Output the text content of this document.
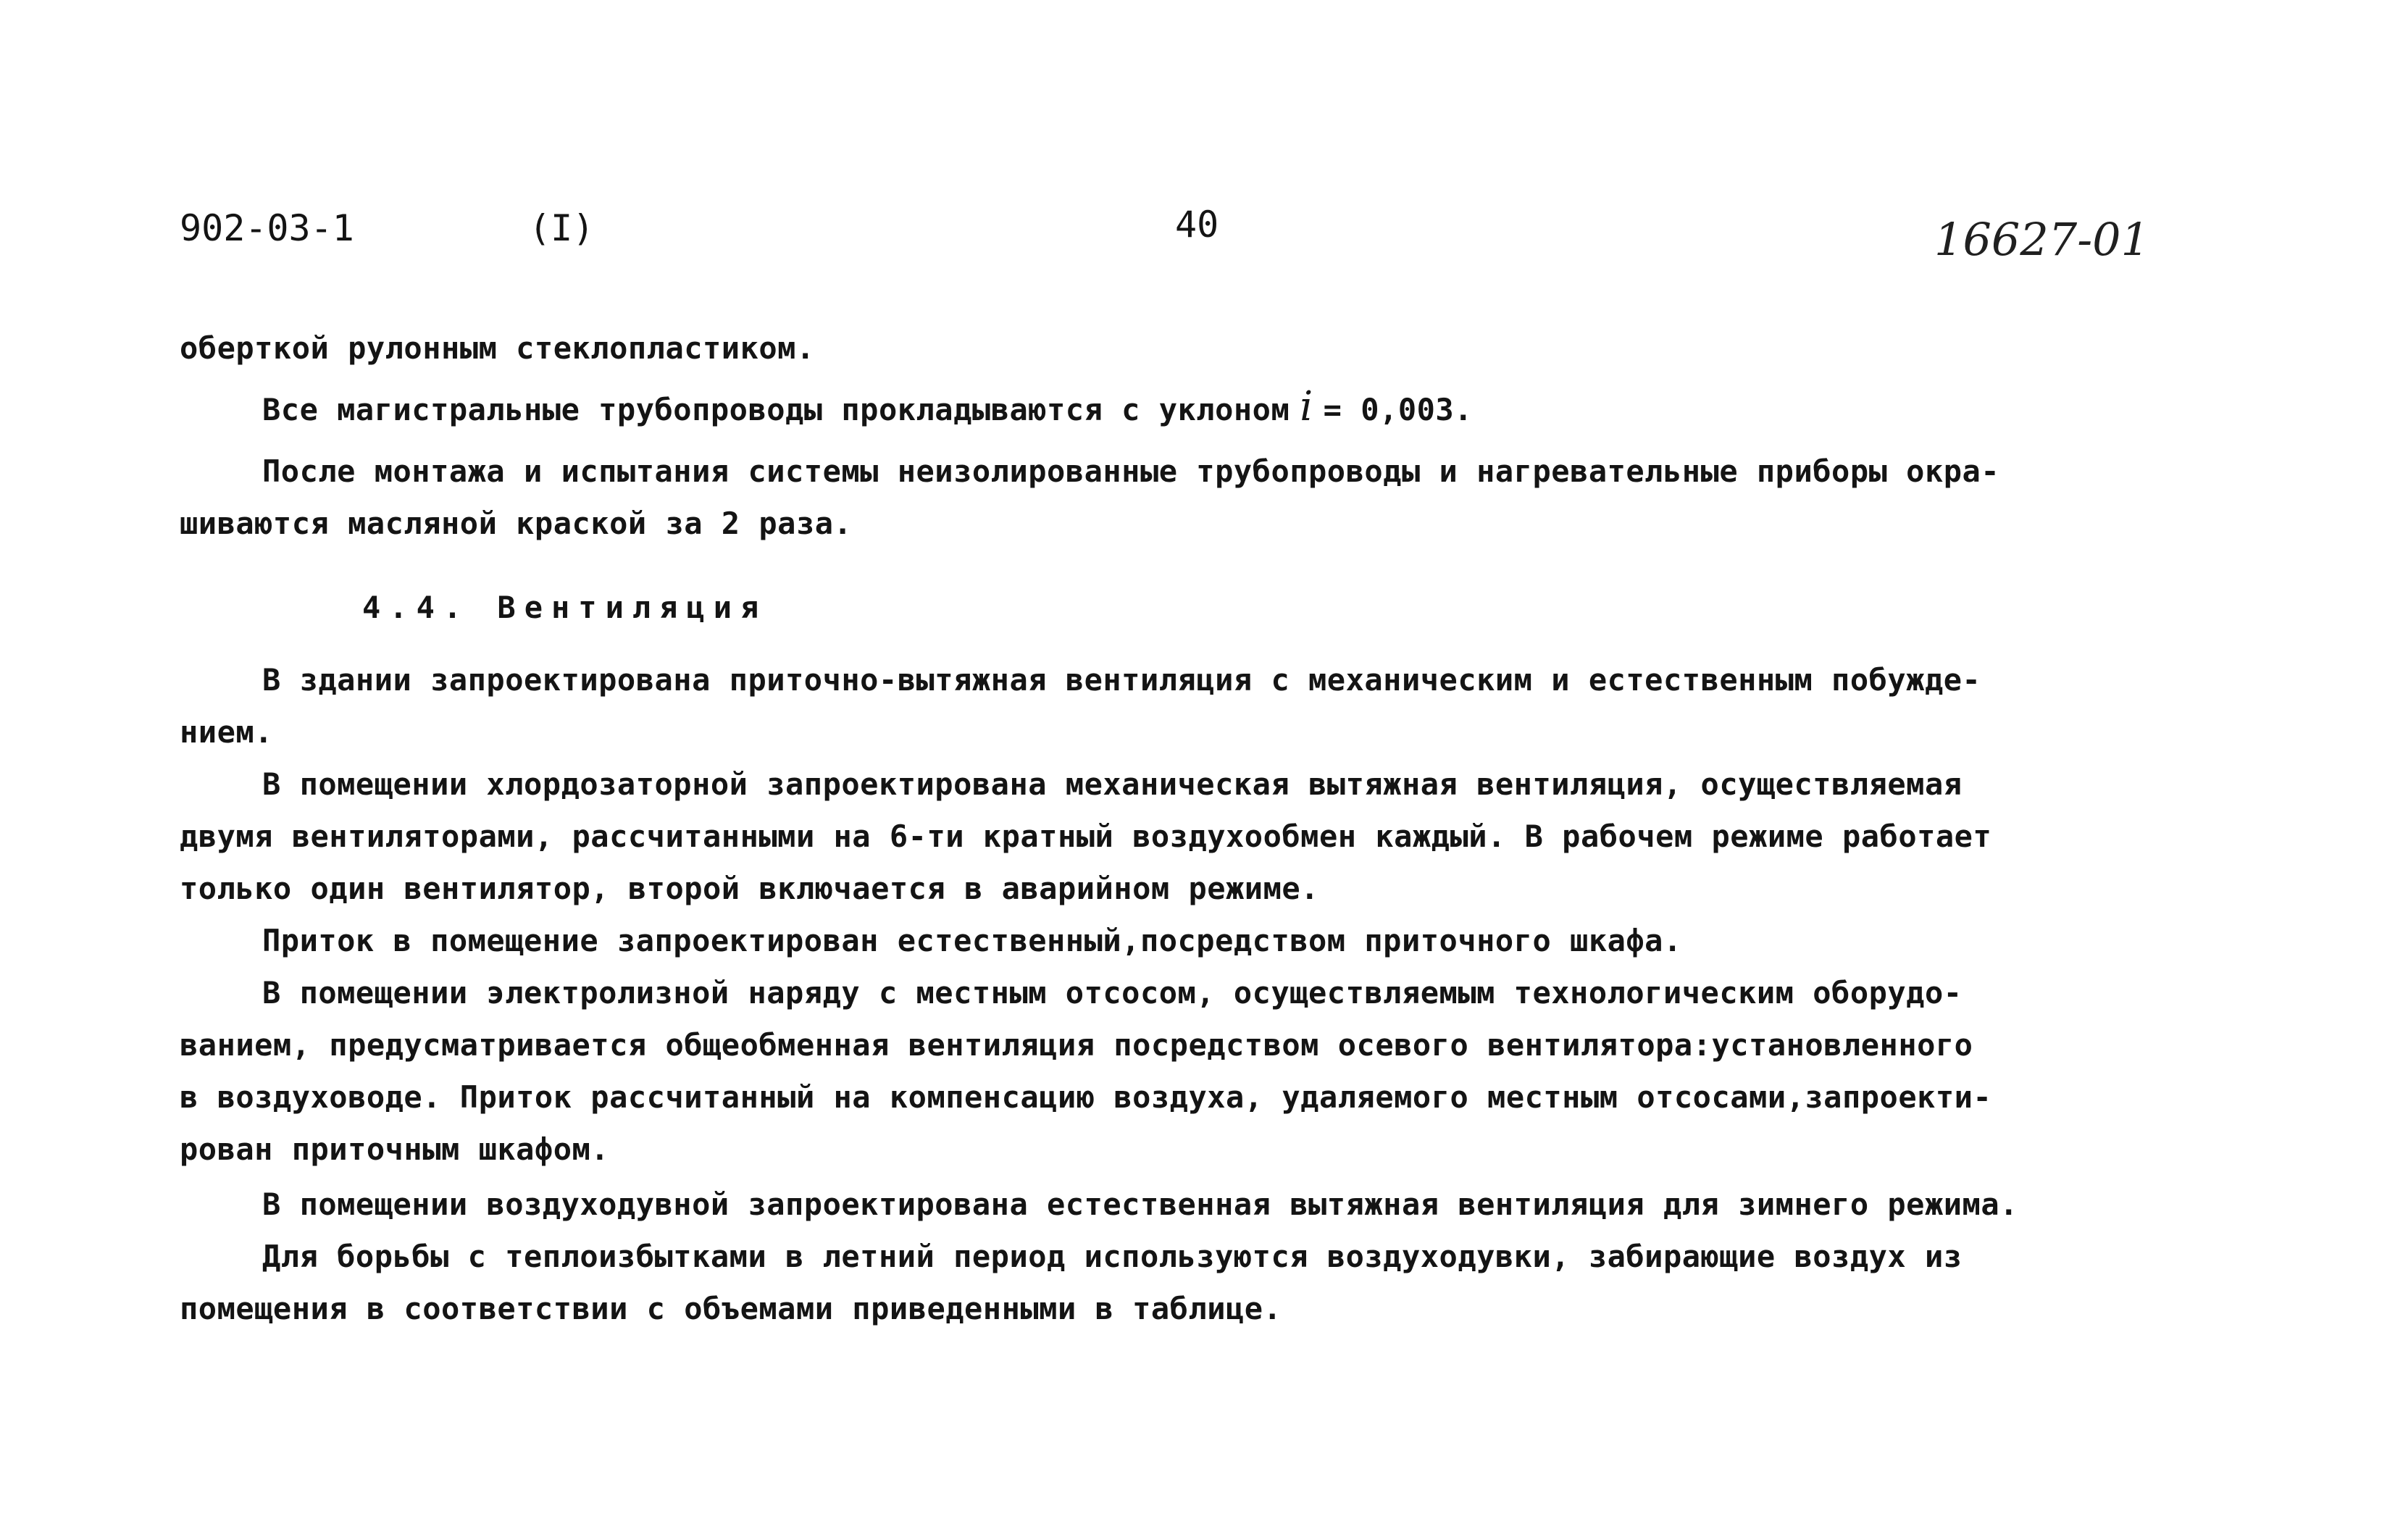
902-03-1	(I)	40	16627-01
оберткой рулонным стеклопластиком.
Все магистральные трубопроводы прокладываются с уклоном i = 0,003.
После монтажа и испытания системы неизолированные трубопроводы и нагревательные приборы окра-
шиваются масляной краской за 2 раза.
4.4. Вентиляция
В здании запроектирована приточно-вытяжная вентиляция с механическим и естественным побужде-
нием.
В помещении хлордозаторной запроектирована механическая вытяжная вентиляция, осуществляемая
двумя вентиляторами, рассчитанными на 6-ти кратный воздухообмен каждый. В рабочем режиме работает
только один вентилятор, второй включается в аварийном режиме.
Приток в помещение запроектирован естественный,посредством приточного шкафа.
В помещении электролизной наряду с местным отсосом, осуществляемым технологическим оборудо-
ванием, предусматривается общеобменная вентиляция посредством осевого вентилятора:установленного
в воздуховоде. Приток рассчитанный на компенсацию воздуха, удаляемого местным отсосами,запроекти-
рован приточным шкафом.
В помещении воздуходувной запроектирована естественная вытяжная вентиляция для зимнего режима.
Для борьбы с теплоизбытками в летний период используются воздуходувки, забирающие воздух из
помещения в соответствии с объемами приведенными в таблице.
